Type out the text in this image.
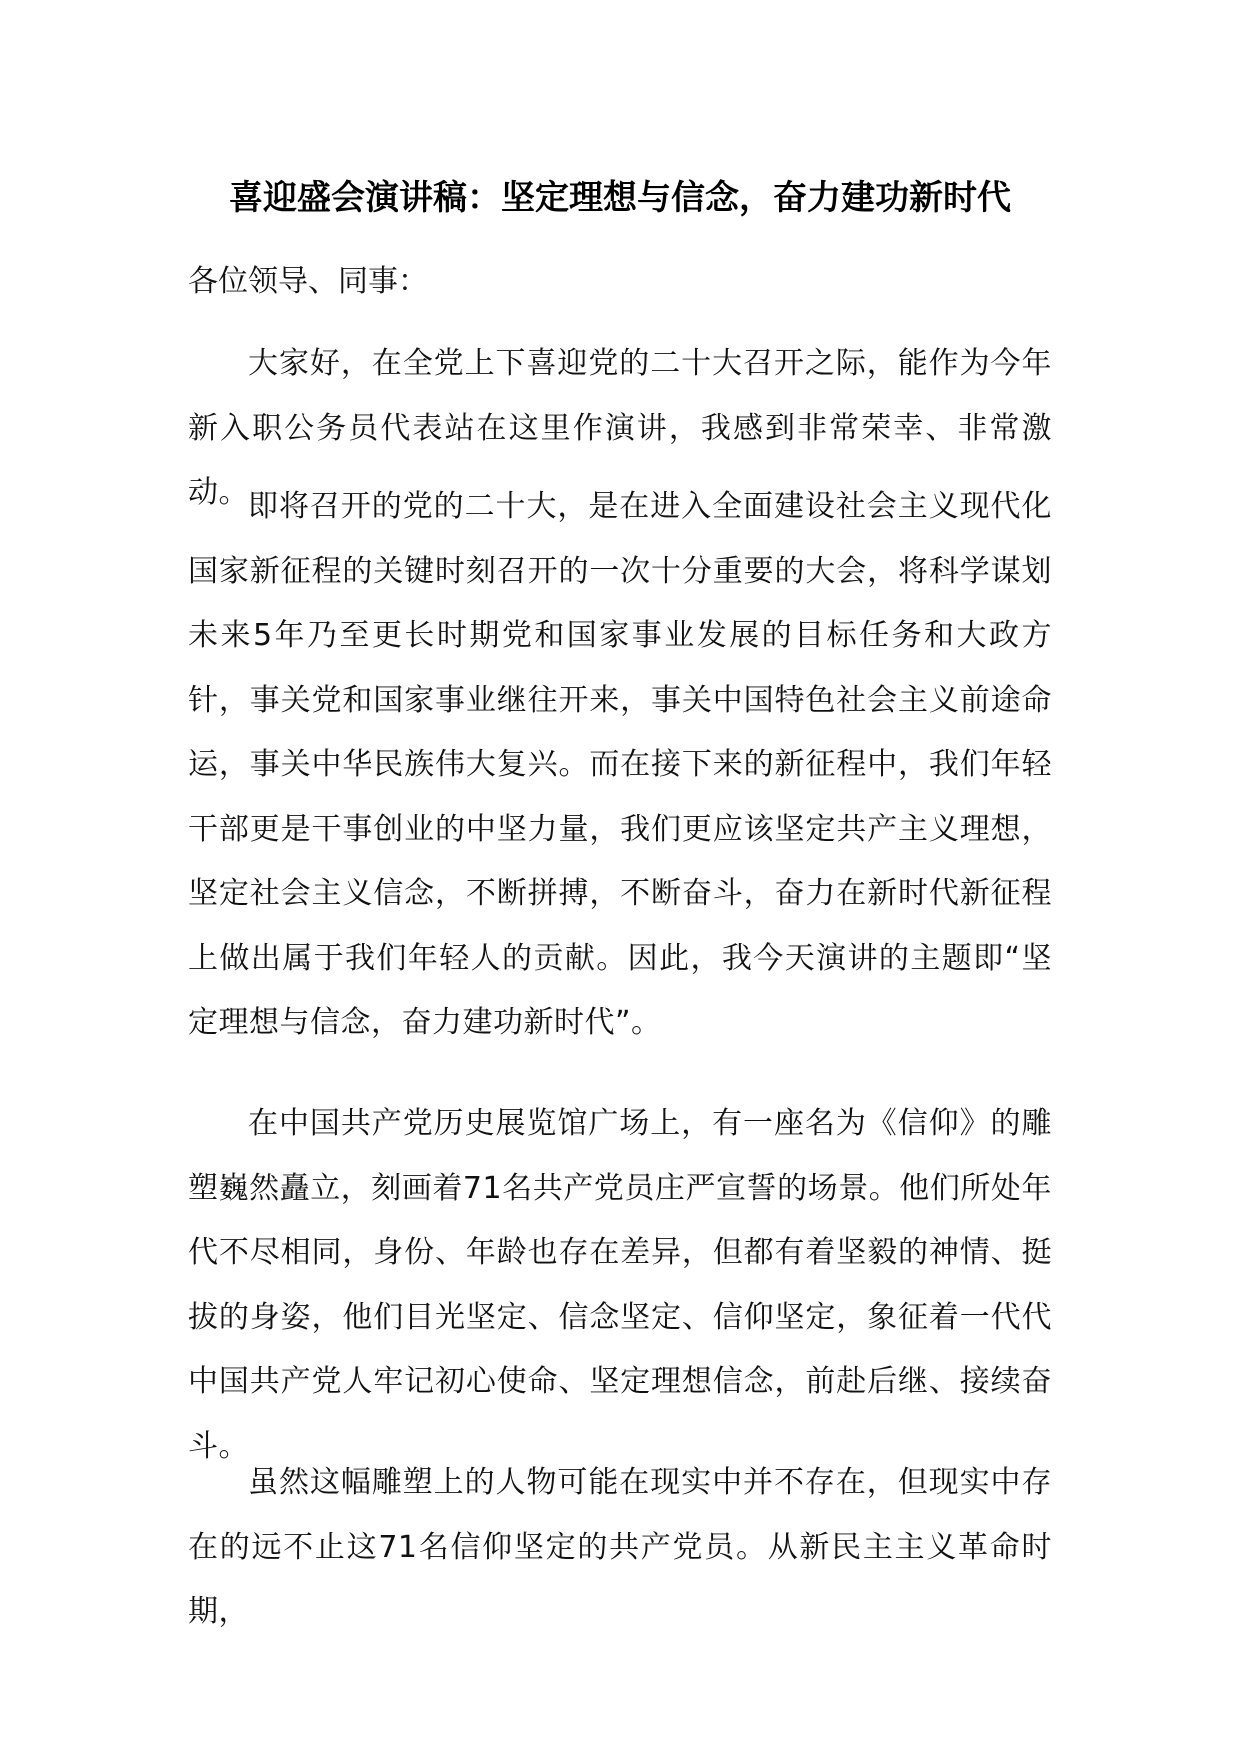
喜迎盛会演讲稿：坚定理想与信念，奋力建功新时代

各位领导、同事：

大家好，在全党上下喜迎党的二十大召开之际，能作为今年新入职公务员代表站在这里作演讲，我感到非常荣幸、非常激动。 即将召开的党的二十大，是在进入全面建设社会主义现代化国家新征程的关键时刻召开的一次十分重要的大会，将科学谋划未来5年乃至更长时期党和国家事业发展的目标任务和大政方针，事关党和国家事业继往开来，事关中国特色社会主义前途命运，事关中华民族伟大复兴。而在接下来的新征程中，我们年轻干部更是干事创业的中坚力量，我们更应该坚定共产主义理想，坚定社会主义信念，不断拼搏，不断奋斗，奋力在新时代新征程上做出属于我们年轻人的贡献。因此，我今天演讲的主题即“坚定理想与信念，奋力建功新时代”。

在中国共产党历史展览馆广场上，有一座名为《信仰》的雕塑巍然矗立，刻画着71名共产党员庄严宣誓的场景。他们所处年代不尽相同，身份、年龄也存在差异，但都有着坚毅的神情、挺拔的身姿，他们目光坚定、信念坚定、信仰坚定，象征着一代代中国共产党人牢记初心使命、坚定理想信念，前赴后继、接续奋斗。

虽然这幅雕塑上的人物可能在现实中并不存在，但现实中存在的远不止这71名信仰坚定的共产党员。从新民主主义革命时期，
